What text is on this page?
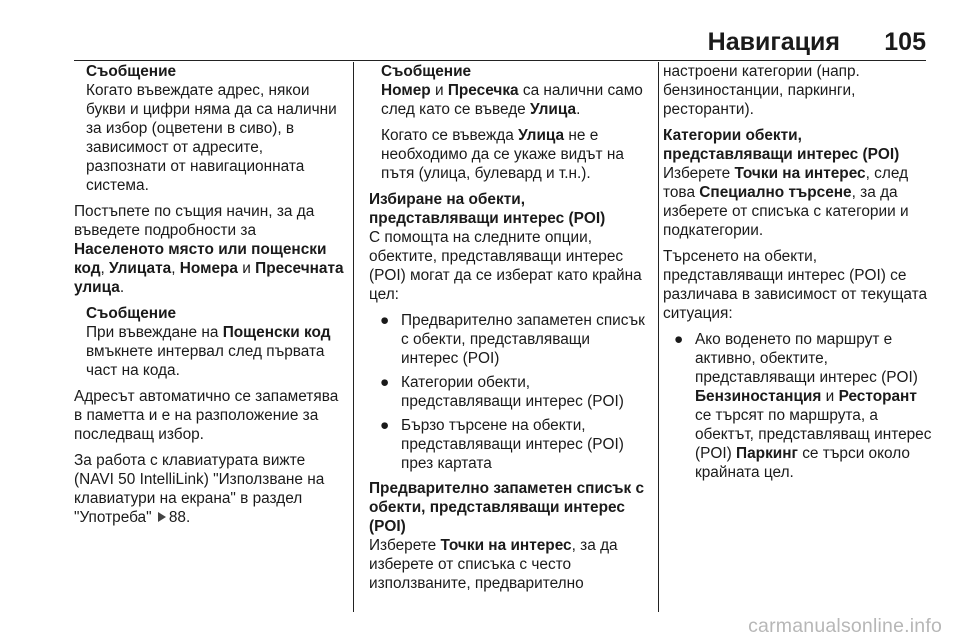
Навигация 105
Съобщение
Когато въвеждате адрес, някои букви и цифри няма да са налични за избор (оцветени в сиво), в зависимост от адресите, разпознати от навигационната система.

Постъпете по същия начин, за да въведете подробности за Населеното място или пощенски код, Улицата, Номера и Пресечната улица.

Съобщение
При въвеждане на Пощенски код вмъкнете интервал след първата част на кода.

Адресът автоматично се запаметява в паметта и е на разположение за последващ избор.

За работа с клавиатурата вижте (NAVI 50 IntelliLink) "Използване на клавиатури на екрана" в раздел "Употреба" 88.

Съобщение
Номер и Пресечка са налични само след като се въведе Улица.
Когато се въвежда Улица не е необходимо да се укаже видът на пътя (улица, булевард и т.н.).
Избиране на обекти, представляващи интерес (POI)

С помощта на следните опции, обектите, представляващи интерес (POI) могат да се изберат като крайна цел:

● Предварително запаметен списък с обекти, представляващи интерес (POI)
● Категории обекти, представляващи интерес (POI)
● Бързо търсене на обекти, представляващи интерес (POI) през картата
Предварително запаметен списък с обекти, представляващи интерес (POI)

Изберете Точки на интерес, за да изберете от списъка с често използваните, предварително

настроени категории (напр. бензиностанции, паркинги, ресторанти).

Категории обекти, представляващи интерес (POI)

Изберете Точки на интерес, след това Специално търсене, за да изберете от списъка с категории и подкатегории.

Търсенето на обекти, представляващи интерес (POI) се различава в зависимост от текущата ситуация:

● Ако воденето по маршрут е активно, обектите, представляващи интерес (POI) Бензиностанция и Ресторант се търсят по маршрута, а обектът, представляващ интерес (POI) Паркинг се търси около крайната цел.
carmanualsonline.info
